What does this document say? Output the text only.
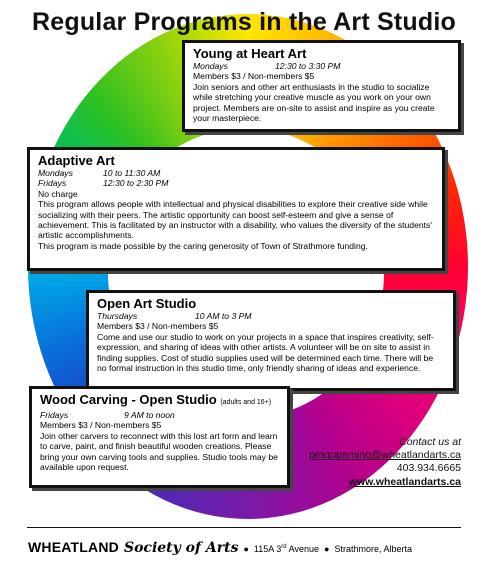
Regular Programs in the Art Studio
Young at Heart Art
Mondays	12:30 to 3:30 PM

Members $3 / Non-members $5

Join seniors and other art enthusiasts in the studio to socialize while stretching your creative muscle as you work on your own project. Members are on-site to assist and inspire as you create your masterpiece.

Adaptive Art
Mondays	10 to 11:30 AM
Fridays	12:30 to 2:30 PM

No charge

This program allows people with intellectual and physical disabilities to explore their creative side while socializing with their peers. The artistic opportunity can boost self-esteem and give a sense of achievement. This is facilitated by an instructor with a disability, who values the diversity of the students' artistic accomplishments.

This program is made possible by the caring generosity of Town of Strathmore funding.

Open Art Studio
Thursdays	10 AM to 3 PM

Members $3 / Non-members $5

Come and use our studio to work on your projects in a space that inspires creativity, self-expression, and sharing of ideas with other artists. A volunteer will be on site to assist in finding supplies. Cost of studio supplies used will be determined each time. There will be no formal instruction in this studio time, only friendly sharing of ideas and experience.

Wood Carving - Open Studio (adults and 16+)
Fridays	9 AM to noon

Members $3 / Non-members $5

Join other carvers to reconnect with this lost art form and learn to carve, paint, and finish beautiful wooden creations. Please bring your own carving tools and supplies. Studio tools may be available upon request.

Contact us at
programming@wheatlandarts.ca
403.934.6665
www.wheatlandarts.ca
WHEATLAND Society of Arts ● 115A 3rd Avenue ● Strathmore, Alberta
